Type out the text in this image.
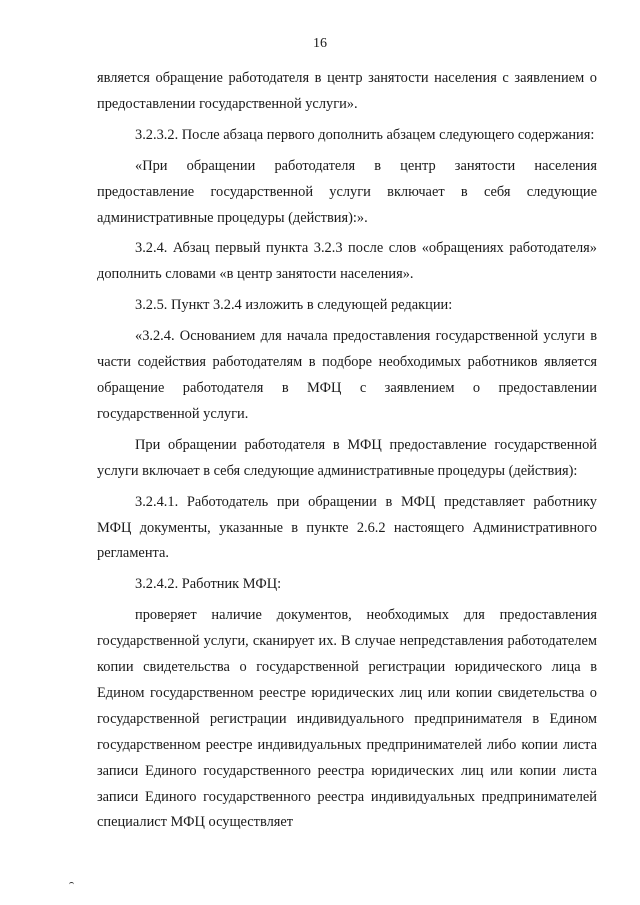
16

является обращение работодателя в центр занятости населения с заявлением о предоставлении государственной услуги».

3.2.3.2. После абзаца первого дополнить абзацем следующего содержания:

«При обращении работодателя в центр занятости населения предоставление государственной услуги включает в себя следующие административные процедуры (действия):».

3.2.4. Абзац первый пункта 3.2.3 после слов «обращениях работодателя» дополнить словами «в центр занятости населения».

3.2.5. Пункт 3.2.4 изложить в следующей редакции:

«3.2.4. Основанием для начала предоставления государственной услуги в части содействия работодателям в подборе необходимых работников является обращение работодателя в МФЦ с заявлением о предоставлении государственной услуги.

При обращении работодателя в МФЦ предоставление государственной услуги включает в себя следующие административные процедуры (действия):

3.2.4.1. Работодатель при обращении в МФЦ представляет работнику МФЦ документы, указанные в пункте 2.6.2 настоящего Административного регламента.

3.2.4.2. Работник МФЦ:

проверяет наличие документов, необходимых для предоставления государственной услуги, сканирует их. В случае непредставления работодателем копии свидетельства о государственной регистрации юридического лица в Едином государственном реестре юридических лиц или копии свидетельства о государственной регистрации индивидуального предпринимателя в Едином государственном реестре индивидуальных предпринимателей либо копии листа записи Единого государственного реестра юридических лиц или копии листа записи Единого государственного реестра индивидуальных предпринимателей специалист МФЦ осуществляет
